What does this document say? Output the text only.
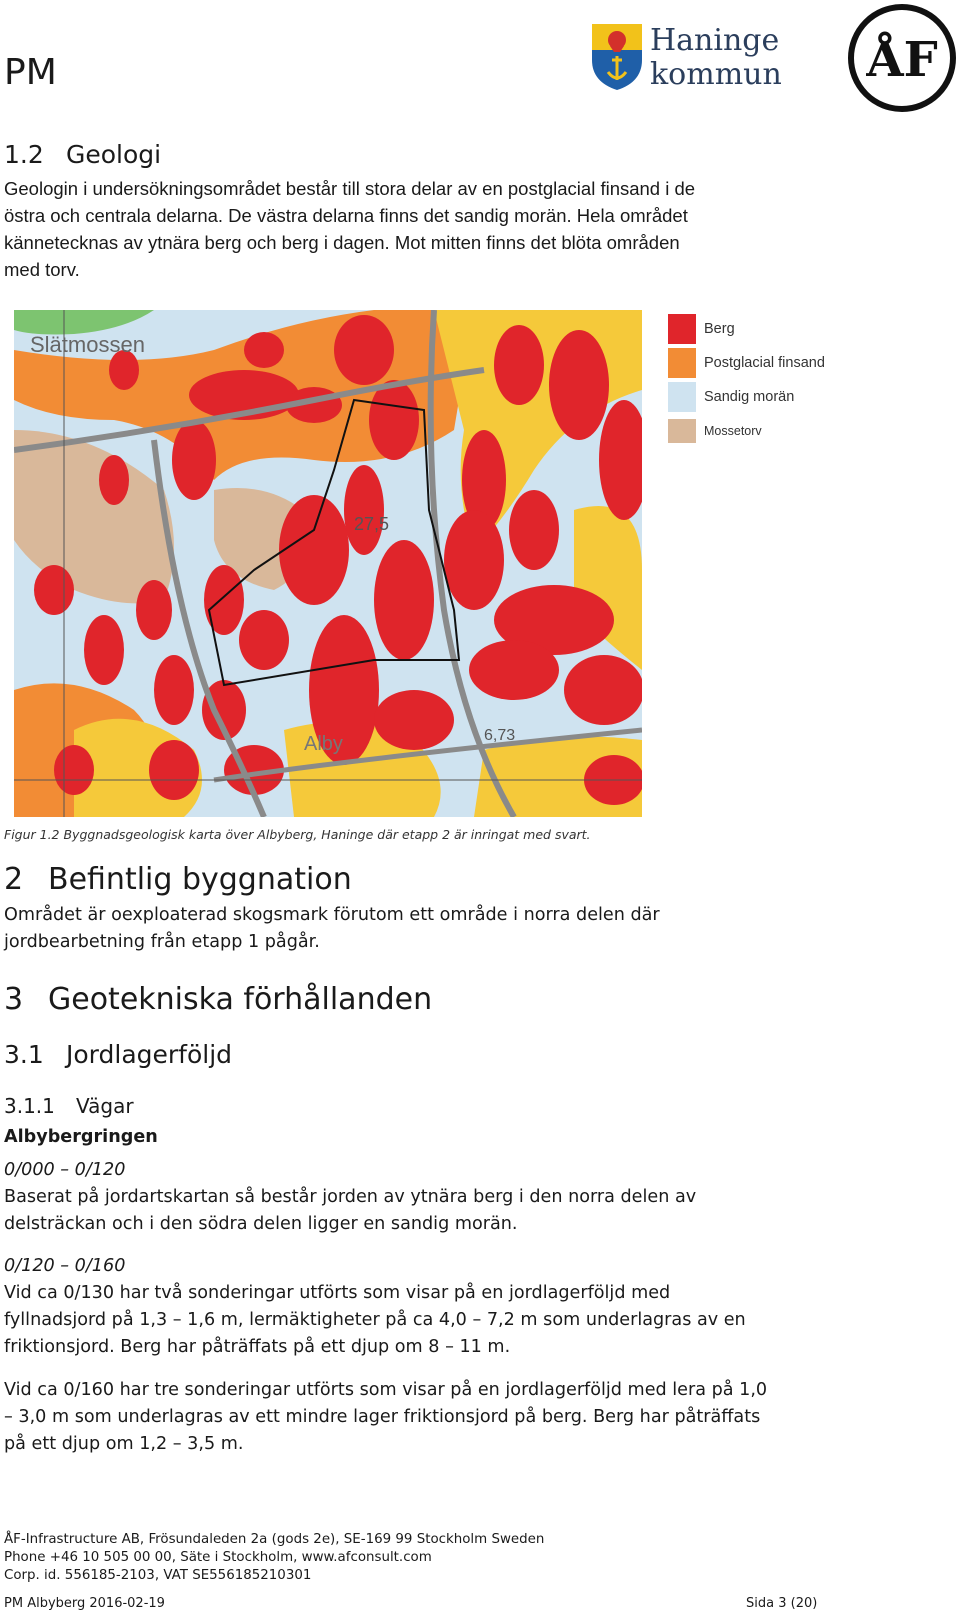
PM
Haninge
kommun ÅF
1.2 Geologi
Geologin i undersökningsområdet består till stora delar av en postglacial finsand i de
östra och centrala delarna. De västra delarna finns det sandig morän. Hela området
kännetecknas av ytnära berg och berg i dagen. Mot mitten finns det blöta områden
med torv.
Slätmossen
27,5
Alby	6,73
Berg
Postglacial finsand
Sandig morän
Mossetorv
Figur 1.2 Byggnadsgeologisk karta över Albyberg, Haninge där etapp 2 är inringat med svart.
2 Befintlig byggnation
Området är oexploaterad skogsmark förutom ett område i norra delen där
jordbearbetning från etapp 1 pågår.
3 Geotekniska förhållanden
3.1 Jordlagerföljd
3.1.1 Vägar
Albybergringen
0/000 – 0/120
Baserat på jordartskartan så består jorden av ytnära berg i den norra delen av
delsträckan och i den södra delen ligger en sandig morän.
0/120 – 0/160
Vid ca 0/130 har två sonderingar utförts som visar på en jordlagerföljd med
fyllnadsjord på 1,3 – 1,6 m, lermäktigheter på ca 4,0 – 7,2 m som underlagras av en
friktionsjord. Berg har påträffats på ett djup om 8 – 11 m.
Vid ca 0/160 har tre sonderingar utförts som visar på en jordlagerföljd med lera på 1,0
– 3,0 m som underlagras av ett mindre lager friktionsjord på berg. Berg har påträffats
på ett djup om 1,2 – 3,5 m.
ÅF-Infrastructure AB, Frösundaleden 2a (gods 2e), SE-169 99 Stockholm Sweden
Phone +46 10 505 00 00, Säte i Stockholm, www.afconsult.com
Corp. id. 556185-2103, VAT SE556185210301
PM Albyberg 2016-02-19	Sida 3 (20)
